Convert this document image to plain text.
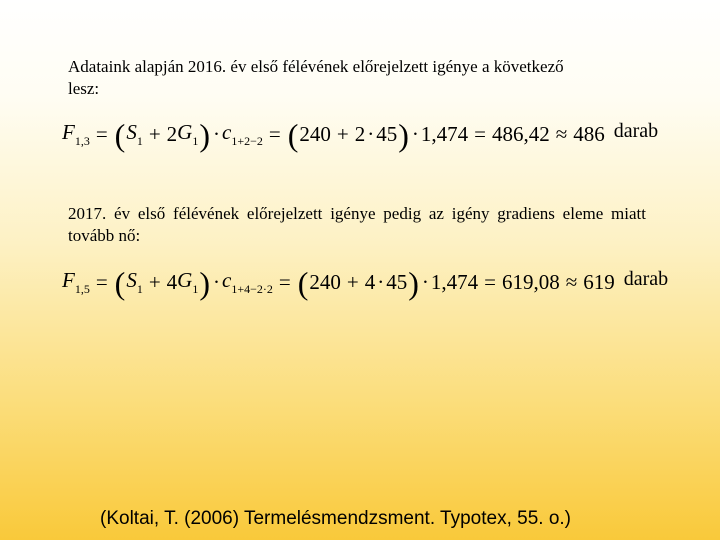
Adataink alapján 2016. év első félévének előrejelzett igénye a következő lesz:
$F_{1,3}$ = ( $S_1 + 2$ $G_1$ ) · $c_{1+2-2}$ = ( 240 + 2 · 45 ) · 1,474 = 486,42 ≈ 486 darab
2017. év első félévének előrejelzett igénye pedig az igény gradiens eleme miatt tovább nő:
$F_{1,5}$ = ( $S_1 + 4$ $G_1$ ) · $c_{1+4-2\cdot 2}$ = ( 240 + 4 · 45 ) · 1,474 = 619,08 ≈ 619 darab
(Koltai, T. (2006) Termelésmendzsment. Typotex, 55. o.)
